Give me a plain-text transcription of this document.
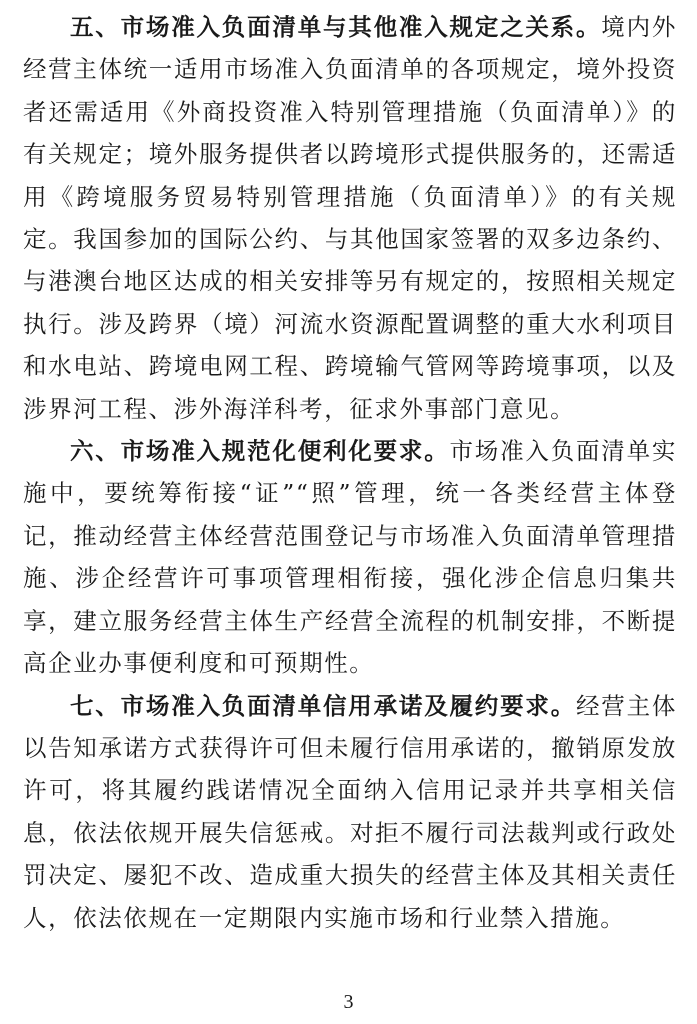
五、市场准入负面清单与其他准入规定之关系。境内外经营主体统一适用市场准入负面清单的各项规定，境外投资者还需适用《外商投资准入特别管理措施（负面清单）》的有关规定；境外服务提供者以跨境形式提供服务的，还需适用《跨境服务贸易特别管理措施（负面清单）》的有关规定。我国参加的国际公约、与其他国家签署的双多边条约、与港澳台地区达成的相关安排等另有规定的，按照相关规定执行。涉及跨界（境）河流水资源配置调整的重大水利项目和水电站、跨境电网工程、跨境输气管网等跨境事项，以及涉界河工程、涉外海洋科考，征求外事部门意见。

六、市场准入规范化便利化要求。市场准入负面清单实施中，要统筹衔接“证”“照”管理，统一各类经营主体登记，推动经营主体经营范围登记与市场准入负面清单管理措施、涉企经营许可事项管理相衔接，强化涉企信息归集共享，建立服务经营主体生产经营全流程的机制安排，不断提高企业办事便利度和可预期性。

七、市场准入负面清单信用承诺及履约要求。经营主体以告知承诺方式获得许可但未履行信用承诺的，撤销原发放许可，将其履约践诺情况全面纳入信用记录并共享相关信息，依法依规开展失信惩戒。对拒不履行司法裁判或行政处罚决定、屡犯不改、造成重大损失的经营主体及其相关责任人，依法依规在一定期限内实施市场和行业禁入措施。

3
